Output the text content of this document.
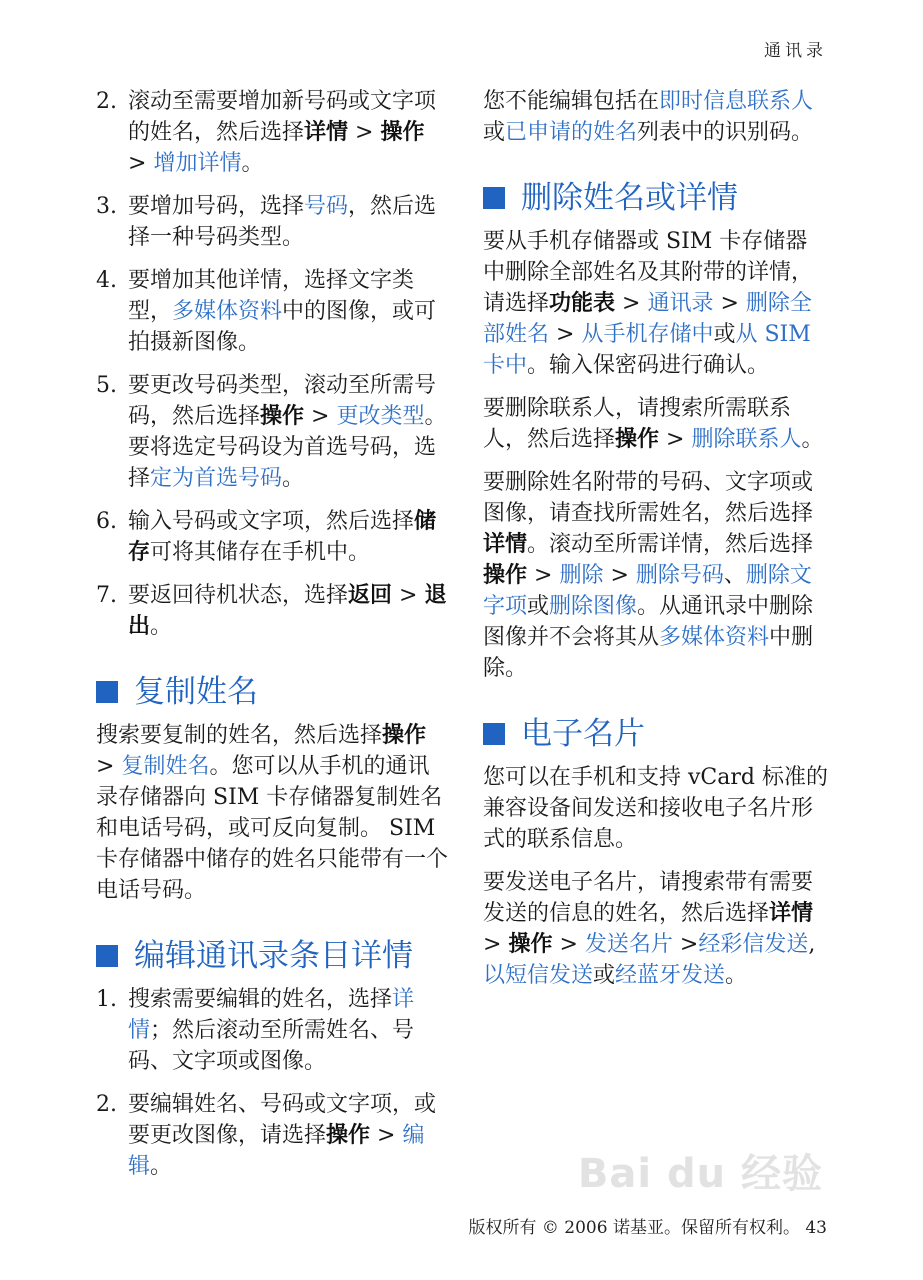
通讯录
2. 滚动至需要增加新号码或文字项的姓名，然后选择详情 > 操作 > 增加详情。
3. 要增加号码，选择号码，然后选择一种号码类型。
4. 要增加其他详情，选择文字类型，多媒体资料中的图像，或可拍摄新图像。
5. 要更改号码类型，滚动至所需号码，然后选择操作 > 更改类型。要将选定号码设为首选号码，选择定为首选号码。
6. 输入号码或文字项，然后选择储存可将其储存在手机中。
7. 要返回待机状态，选择返回 > 退出。
复制姓名

搜索要复制的姓名，然后选择操作 > 复制姓名。您可以从手机的通讯录存储器向 SIM 卡存储器复制姓名和电话号码，或可反向复制。 SIM 卡存储器中储存的姓名只能带有一个电话号码。

编辑通讯录条目详情
1. 搜索需要编辑的姓名，选择详情；然后滚动至所需姓名、号码、文字项或图像。
2. 要编辑姓名、号码或文字项，或要更改图像，请选择操作 > 编辑。

您不能编辑包括在即时信息联系人或已申请的姓名列表中的识别码。

删除姓名或详情

要从手机存储器或 SIM 卡存储器中删除全部姓名及其附带的详情，请选择功能表 > 通讯录 > 删除全部姓名 > 从手机存储中或从 SIM 卡中。输入保密码进行确认。

要删除联系人，请搜索所需联系人，然后选择操作 > 删除联系人。

要删除姓名附带的号码、文字项或图像，请查找所需姓名，然后选择详情。滚动至所需详情，然后选择操作 > 删除 > 删除号码、删除文字项或删除图像。从通讯录中删除图像并不会将其从多媒体资料中删除。

电子名片

您可以在手机和支持 vCard 标准的兼容设备间发送和接收电子名片形式的联系信息。

要发送电子名片，请搜索带有需要发送的信息的姓名，然后选择详情 > 操作 > 发送名片 >经彩信发送, 以短信发送或经蓝牙发送。

Bai du 经验
版权所有 © 2006 诺基亚。保留所有权利。 43
